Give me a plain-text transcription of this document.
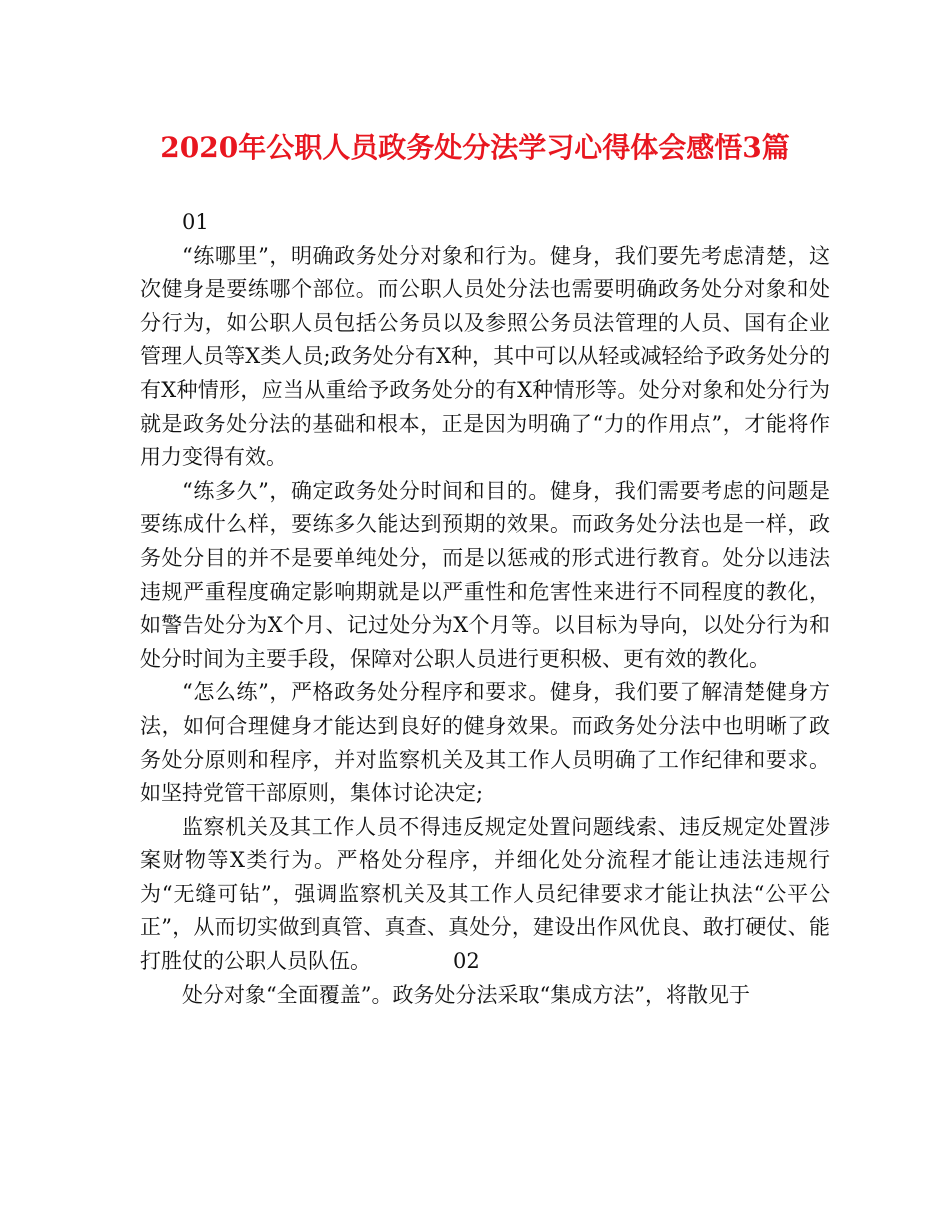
2020年公职人员政务处分法学习心得体会感悟3篇
01

“练哪里”，明确政务处分对象和行为。健身，我们要先考虑清楚，这次健身是要练哪个部位。而公职人员处分法也需要明确政务处分对象和处分行为，如公职人员包括公务员以及参照公务员法管理的人员、国有企业管理人员等X类人员;政务处分有X种，其中可以从轻或减轻给予政务处分的有X种情形，应当从重给予政务处分的有X种情形等。处分对象和处分行为就是政务处分法的基础和根本，正是因为明确了“力的作用点”，才能将作用力变得有效。

“练多久”，确定政务处分时间和目的。健身，我们需要考虑的问题是要练成什么样，要练多久能达到预期的效果。而政务处分法也是一样，政务处分目的并不是要单纯处分，而是以惩戒的形式进行教育。处分以违法违规严重程度确定影响期就是以严重性和危害性来进行不同程度的教化，如警告处分为X个月、记过处分为X个月等。以目标为导向，以处分行为和处分时间为主要手段，保障对公职人员进行更积极、更有效的教化。

“怎么练”，严格政务处分程序和要求。健身，我们要了解清楚健身方法，如何合理健身才能达到良好的健身效果。而政务处分法中也明晰了政务处分原则和程序，并对监察机关及其工作人员明确了工作纪律和要求。如坚持党管干部原则，集体讨论决定;

监察机关及其工作人员不得违反规定处置问题线索、违反规定处置涉案财物等X类行为。严格处分程序，并细化处分流程才能让违法违规行为“无缝可钻”，强调监察机关及其工作人员纪律要求才能让执法“公平公正”，从而切实做到真管、真查、真处分，建设出作风优良、敢打硬仗、能打胜仗的公职人员队伍。	02

处分对象“全面覆盖”。政务处分法采取“集成方法”，将散见于
